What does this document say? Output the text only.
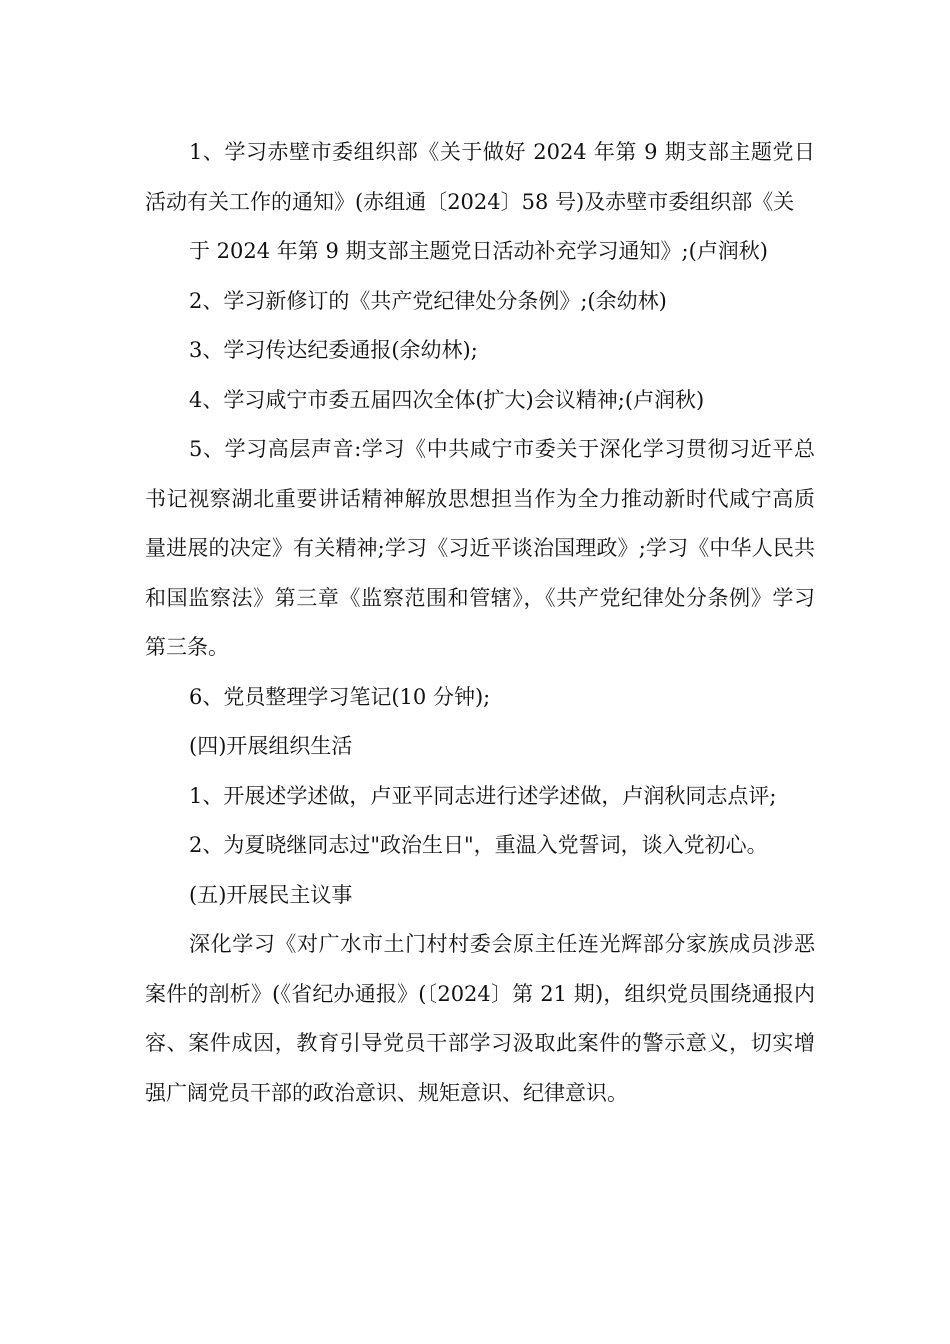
1、学习赤壁市委组织部《关于做好 2024 年第 9 期支部主题党日活动有关工作的通知》(赤组通〔2024〕58 号)及赤壁市委组织部《关

于 2024 年第 9 期支部主题党日活动补充学习通知》;(卢润秋)

2、学习新修订的《共产党纪律处分条例》;(余幼林)

3、学习传达纪委通报(余幼林);

4、学习咸宁市委五届四次全体(扩大)会议精神;(卢润秋)

5、学习高层声音:学习《中共咸宁市委关于深化学习贯彻习近平总书记视察湖北重要讲话精神解放思想担当作为全力推动新时代咸宁高质量进展的决定》有关精神;学习《习近平谈治国理政》;学习《中华人民共和国监察法》第三章《监察范围和管辖》，《共产党纪律处分条例》学习第三条。

6、党员整理学习笔记(10 分钟);

(四)开展组织生活

1、开展述学述做，卢亚平同志进行述学述做，卢润秋同志点评;

2、为夏晓继同志过"政治生日"，重温入党誓词，谈入党初心。

(五)开展民主议事

深化学习《对广水市土门村村委会原主任连光辉部分家族成员涉恶案件的剖析》(《省纪办通报》(〔2024〕第 21 期)，组织党员围绕通报内容、案件成因，教育引导党员干部学习汲取此案件的警示意义，切实增强广阔党员干部的政治意识、规矩意识、纪律意识。
